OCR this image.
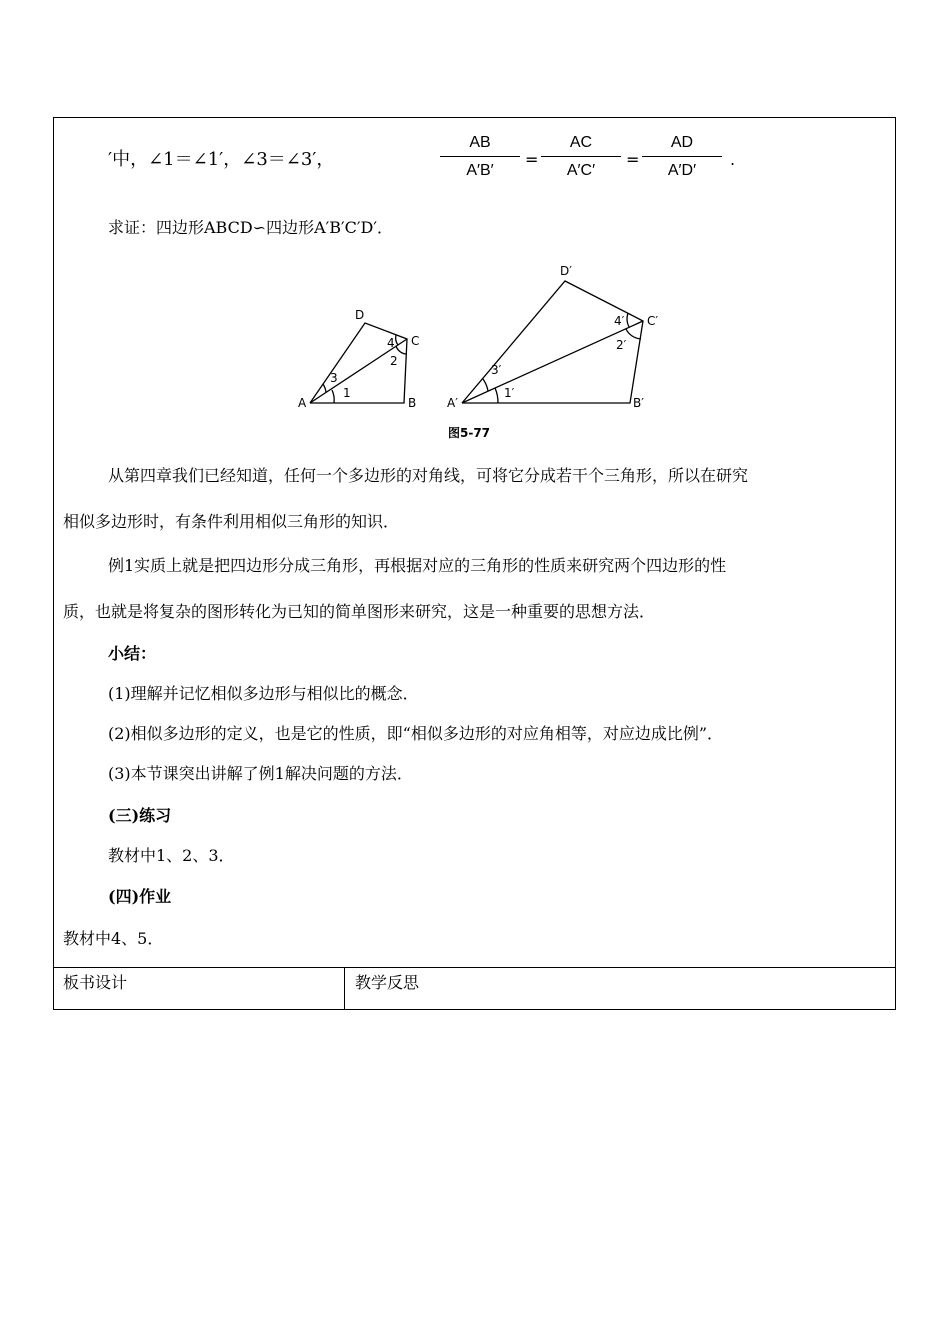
′中，∠1＝∠1′，∠3＝∠3′，
AB
A′B′
=
AC
A′C′
=
AD
A′D′
.
求证：四边形ABCD∽四边形A′B′C′D′．
A	B
C
D
1
2
3
4
A′	B′
C′
D′
1′
2′
3′
4′
图5-77
从第四章我们已经知道，任何一个多边形的对角线，可将它分成若干个三角形，所以在研究
相似多边形时，有条件利用相似三角形的知识．
例1实质上就是把四边形分成三角形，再根据对应的三角形的性质来研究两个四边形的性
质，也就是将复杂的图形转化为已知的简单图形来研究，这是一种重要的思想方法．
小结：
(1)理解并记忆相似多边形与相似比的概念．
(2)相似多边形的定义，也是它的性质，即“相似多边形的对应角相等，对应边成比例”．
(3)本节课突出讲解了例1解决问题的方法．
(三)练习
教材中1、2、3．
(四)作业
教材中4、5．
板书设计	教学反思
